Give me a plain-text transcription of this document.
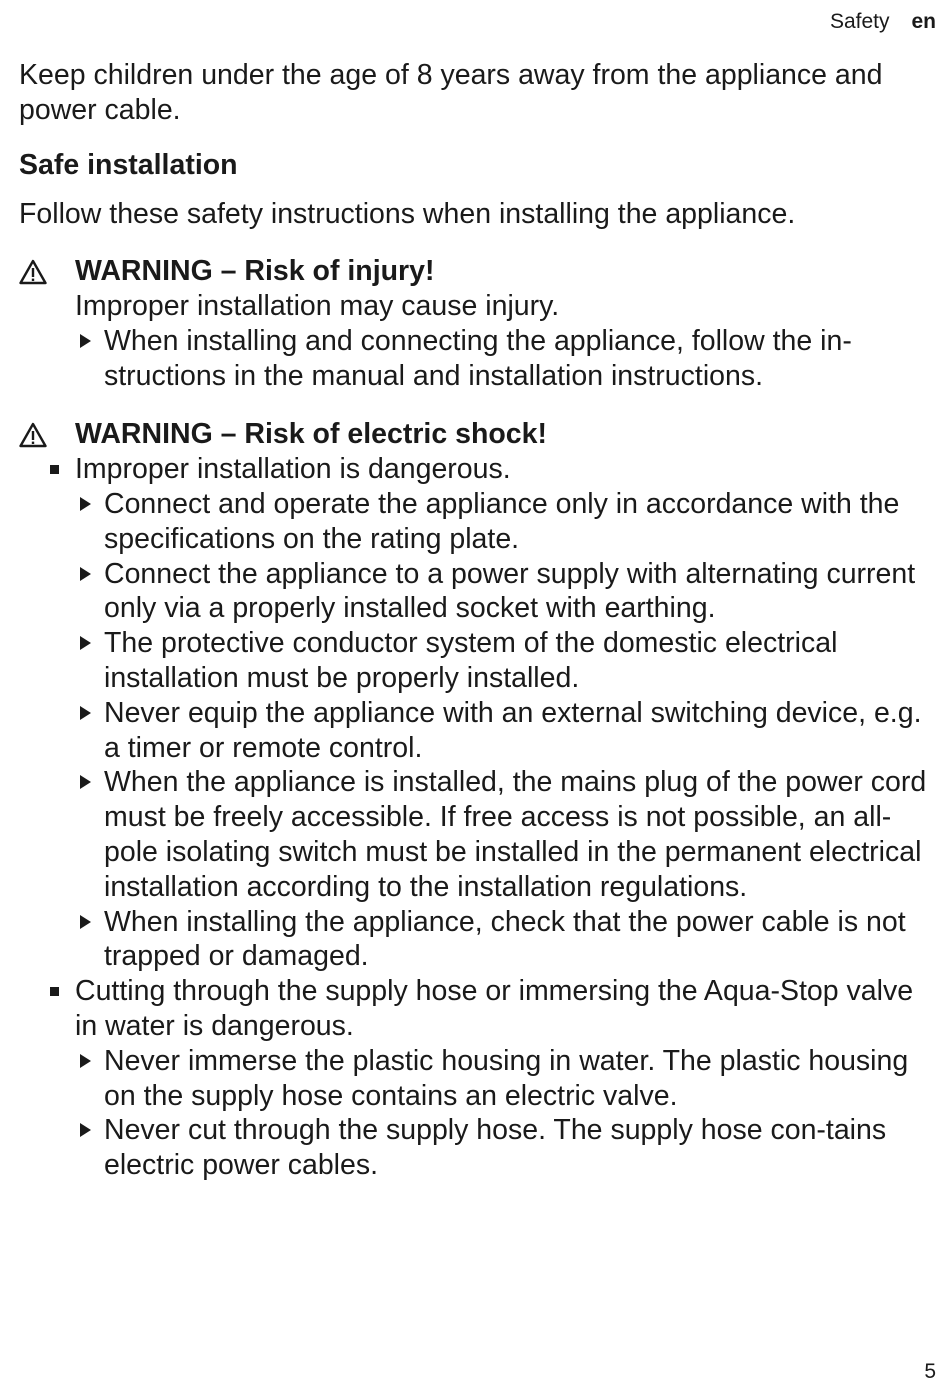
Safety en

Keep children under the age of 8 years away from the appliance and power cable.

Safe installation

Follow these safety instructions when installing the appliance.

WARNING – Risk of injury!

Improper installation may cause injury.

When installing and connecting the appliance, follow the in-structions in the manual and installation instructions.
WARNING – Risk of electric shock!
Improper installation is dangerous.
Connect and operate the appliance only in accordance with the specifications on the rating plate.
Connect the appliance to a power supply with alternating current only via a properly installed socket with earthing.
The protective conductor system of the domestic electrical installation must be properly installed.
Never equip the appliance with an external switching device, e.g. a timer or remote control.
When the appliance is installed, the mains plug of the power cord must be freely accessible. If free access is not possible, an all-pole isolating switch must be installed in the permanent electrical installation according to the installation regulations.
When installing the appliance, check that the power cable is not trapped or damaged.
Cutting through the supply hose or immersing the Aqua-Stop valve in water is dangerous.
Never immerse the plastic housing in water. The plastic housing on the supply hose contains an electric valve.
Never cut through the supply hose. The supply hose con-tains electric power cables.
5
